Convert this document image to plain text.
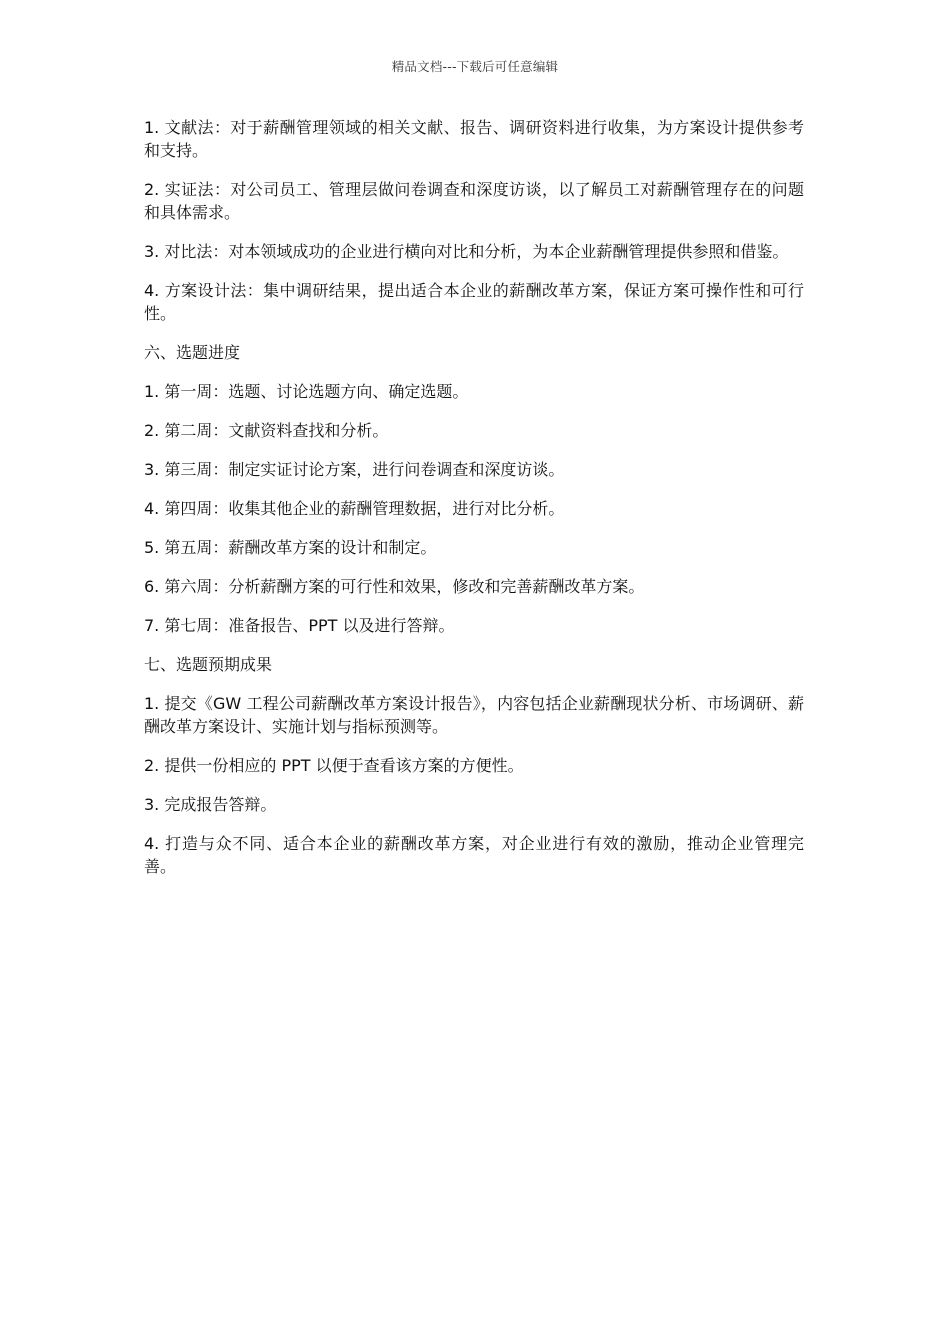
精品文档---下载后可任意编辑

1. 文献法：对于薪酬管理领域的相关文献、报告、调研资料进行收集，为方案设计提供参考和支持。

2. 实证法：对公司员工、管理层做问卷调查和深度访谈，以了解员工对薪酬管理存在的问题和具体需求。

3. 对比法：对本领域成功的企业进行横向对比和分析，为本企业薪酬管理提供参照和借鉴。

4. 方案设计法：集中调研结果，提出适合本企业的薪酬改革方案，保证方案可操作性和可行性。

六、选题进度

1. 第一周：选题、讨论选题方向、确定选题。

2. 第二周：文献资料查找和分析。

3. 第三周：制定实证讨论方案，进行问卷调查和深度访谈。

4. 第四周：收集其他企业的薪酬管理数据，进行对比分析。

5. 第五周：薪酬改革方案的设计和制定。

6. 第六周：分析薪酬方案的可行性和效果，修改和完善薪酬改革方案。

7. 第七周：准备报告、PPT 以及进行答辩。

七、选题预期成果

1. 提交《GW 工程公司薪酬改革方案设计报告》，内容包括企业薪酬现状分析、市场调研、薪酬改革方案设计、实施计划与指标预测等。

2. 提供一份相应的 PPT 以便于查看该方案的方便性。

3. 完成报告答辩。

4. 打造与众不同、适合本企业的薪酬改革方案，对企业进行有效的激励，推动企业管理完善。
